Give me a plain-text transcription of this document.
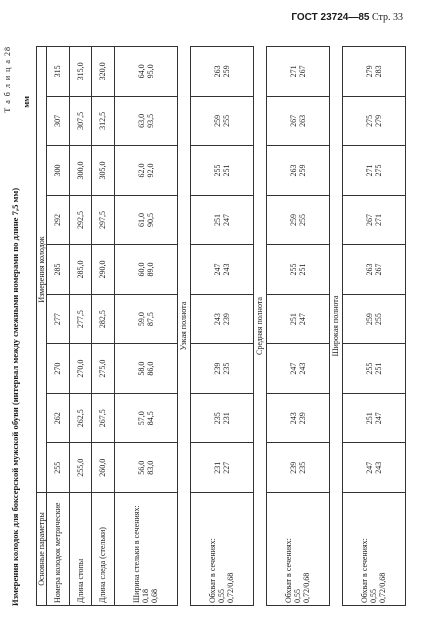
ГОСТ 23724—85 Стр. 33
Т а б л и ц а 28
Измерения колодок для боксерской мужской обуви (интервал между смежными номерами по длине 7,5 мм)
мм
Основные параметры	Измерения колодок								
Номера колодок метрические	255	262	270	277	285	292	300	307	315
Длина стопы	255,0	262,5	270,0	277,5	285,0	292,5	300,0	307,5	315,0
Длина следа (стельки)	260,0	267,5	275,0	282,5	290,0	297,5	305,0	312,5	320,0

Ширина стельки в сечениях: 0,18 0,68	56,0 83,0	57,0 84,5	58,0 86,0	59,0 87,5	60,0 89,0	61,0 90,5	62,0 92,0	63,0 93,5	64,0 95,0

Узкая полнота									

Обхват в сечениях: 0,55 0,72/0,68	231 227	235 231	239 235	243 239	247 243	251 247	255 251	259 255	263 259

Средняя полнота									

Обхват в сечениях: 0,55 0,72/0,68	239 235	243 239	247 243	251 247	255 251	259 255	263 259	267 263	271 267

Широкая полнота									

Обхват в сечениях: 0,55 0,72/0,68	247 243	251 247	255 251	259 255	263 267	267 271	271 275	275 279	279 283
